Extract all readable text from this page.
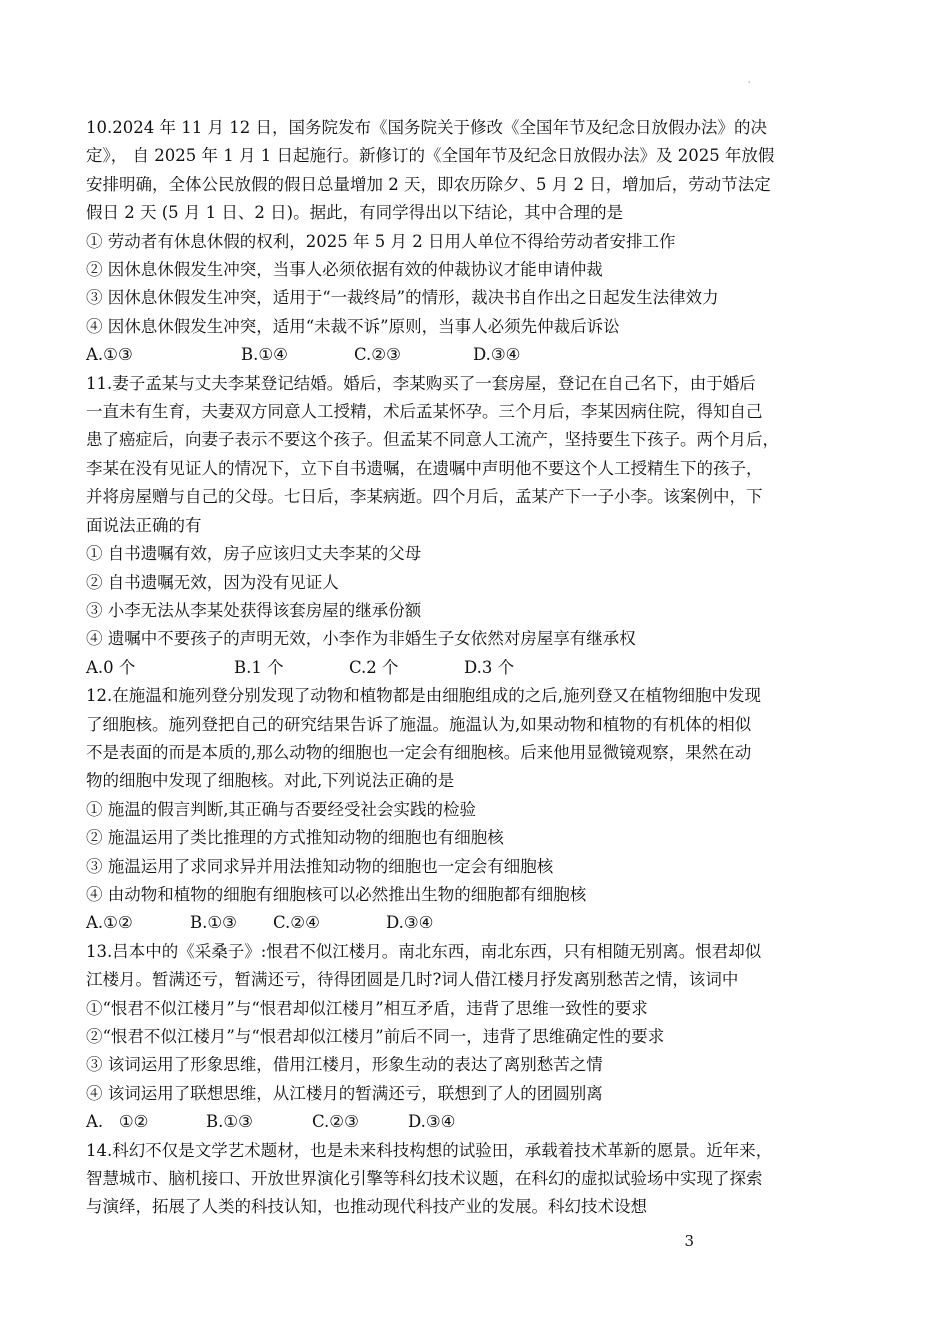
'
10.2024 年 11 月 12 日，国务院发布《国务院关于修改《全国年节及纪念日放假办法》的决
定》， 自 2025 年 1 月 1 日起施行。新修订的《全国年节及纪念日放假办法》及 2025 年放假
安排明确，全体公民放假的假日总量增加 2 天，即农历除夕、5 月 2 日，增加后，劳动节法定
假日 2 天 (5 月 1 日、2 日)。据此，有同学得出以下结论，其中合理的是
① 劳动者有休息休假的权利，2025 年 5 月 2 日用人单位不得给劳动者安排工作
② 因休息休假发生冲突，当事人必须依据有效的仲裁协议才能申请仲裁
③ 因休息休假发生冲突，适用于“一裁终局”的情形，裁决书自作出之日起发生法律效力
④ 因休息休假发生冲突，适用“未裁不诉”原则，当事人必须先仲裁后诉讼
A.①③	B.①④	C.②③	D.③④
11.妻子孟某与丈夫李某登记结婚。婚后，李某购买了一套房屋，登记在自己名下，由于婚后
一直未有生育，夫妻双方同意人工授精，术后孟某怀孕。三个月后，李某因病住院，得知自己
患了癌症后，向妻子表示不要这个孩子。但孟某不同意人工流产，坚持要生下孩子。两个月后，
李某在没有见证人的情况下，立下自书遗嘱，在遗嘱中声明他不要这个人工授精生下的孩子，
并将房屋赠与自己的父母。七日后，李某病逝。四个月后，孟某产下一子小李。该案例中，下
面说法正确的有
① 自书遗嘱有效，房子应该归丈夫李某的父母
② 自书遗嘱无效，因为没有见证人
③ 小李无法从李某处获得该套房屋的继承份额
④ 遗嘱中不要孩子的声明无效，小李作为非婚生子女依然对房屋享有继承权
A.0 个	B.1 个	C.2 个	D.3 个
12.在施温和施列登分别发现了动物和植物都是由细胞组成的之后,施列登又在植物细胞中发现
了细胞核。施列登把自己的研究结果告诉了施温。施温认为,如果动物和植物的有机体的相似
不是表面的而是本质的,那么动物的细胞也一定会有细胞核。后来他用显微镜观察，果然在动
物的细胞中发现了细胞核。对此,下列说法正确的是
① 施温的假言判断,其正确与否要经受社会实践的检验
② 施温运用了类比推理的方式推知动物的细胞也有细胞核
③ 施温运用了求同求异并用法推知动物的细胞也一定会有细胞核
④ 由动物和植物的细胞有细胞核可以必然推出生物的细胞都有细胞核
A.①②	B.①③ C.②④	D.③④
13.吕本中的《采桑子》:恨君不似江楼月。南北东西，南北东西，只有相随无别离。恨君却似
江楼月。暂满还亏，暂满还亏，待得团圆是几时?词人借江楼月抒发离别愁苦之情，该词中
①“恨君不似江楼月”与“恨君却似江楼月”相互矛盾，违背了思维一致性的要求
②“恨君不似江楼月”与“恨君却似江楼月”前后不同一，违背了思维确定性的要求
③ 该词运用了形象思维，借用江楼月，形象生动的表达了离别愁苦之情
④ 该词运用了联想思维，从江楼月的暂满还亏，联想到了人的团圆别离
A.   ①②	B.①③	C.②③	D.③④
14.科幻不仅是文学艺术题材，也是未来科技构想的试验田，承载着技术革新的愿景。近年来，
智慧城市、脑机接口、开放世界演化引擎等科幻技术议题，在科幻的虚拟试验场中实现了探索
与演绎，拓展了人类的科技认知，也推动现代科技产业的发展。科幻技术设想
3
